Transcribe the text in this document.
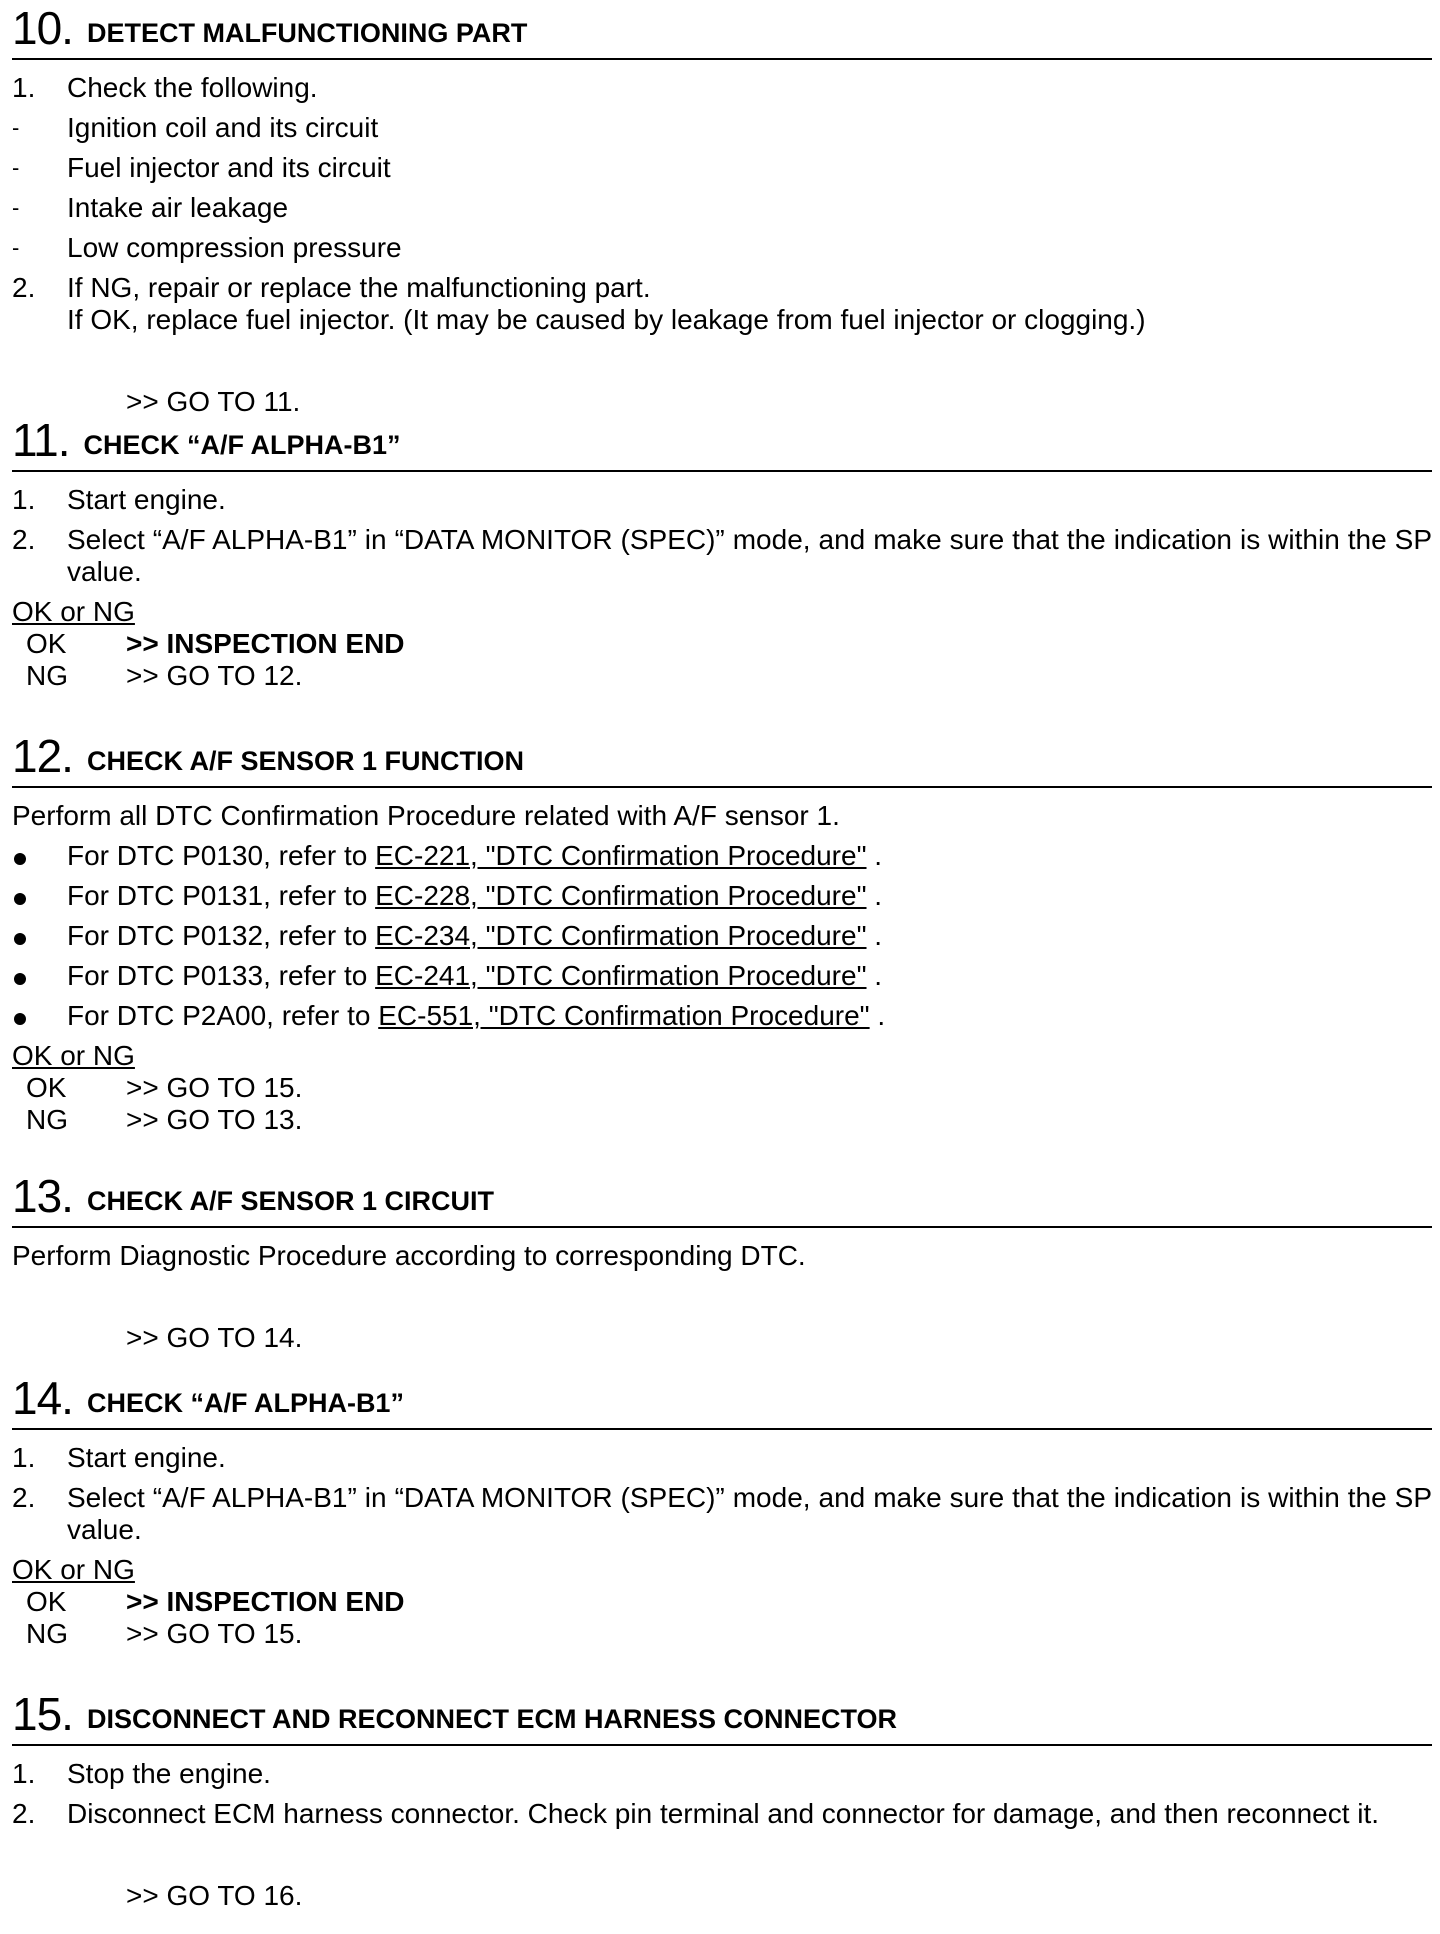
10. DETECT MALFUNCTIONING PART
1.	Check the following.
-	Ignition coil and its circuit
-	Fuel injector and its circuit
-	Intake air leakage
-	Low compression pressure
2.	If NG, repair or replace the malfunctioning part.
If OK, replace fuel injector. (It may be caused by leakage from fuel injector or clogging.)
>> GO TO 11.
11. CHECK “A/F ALPHA-B1”
1.	Start engine.
2.	Select “A/F ALPHA-B1” in “DATA MONITOR (SPEC)” mode, and make sure that the indication is within the SP value.
OK or NG
OK >> INSPECTION END
NG >> GO TO 12.
12. CHECK A/F SENSOR 1 FUNCTION
Perform all DTC Confirmation Procedure related with A/F sensor 1.
For DTC P0130, refer to EC-221, "DTC Confirmation Procedure" .
For DTC P0131, refer to EC-228, "DTC Confirmation Procedure" .
For DTC P0132, refer to EC-234, "DTC Confirmation Procedure" .
For DTC P0133, refer to EC-241, "DTC Confirmation Procedure" .
For DTC P2A00, refer to EC-551, "DTC Confirmation Procedure" .
OK or NG
OK >> GO TO 15.
NG >> GO TO 13.
13. CHECK A/F SENSOR 1 CIRCUIT
Perform Diagnostic Procedure according to corresponding DTC.
>> GO TO 14.
14. CHECK “A/F ALPHA-B1”
1.	Start engine.
2.	Select “A/F ALPHA-B1” in “DATA MONITOR (SPEC)” mode, and make sure that the indication is within the SP value.
OK or NG
OK >> INSPECTION END
NG >> GO TO 15.
15. DISCONNECT AND RECONNECT ECM HARNESS CONNECTOR
1.	Stop the engine.
2.	Disconnect ECM harness connector. Check pin terminal and connector for damage, and then reconnect it.
>> GO TO 16.
